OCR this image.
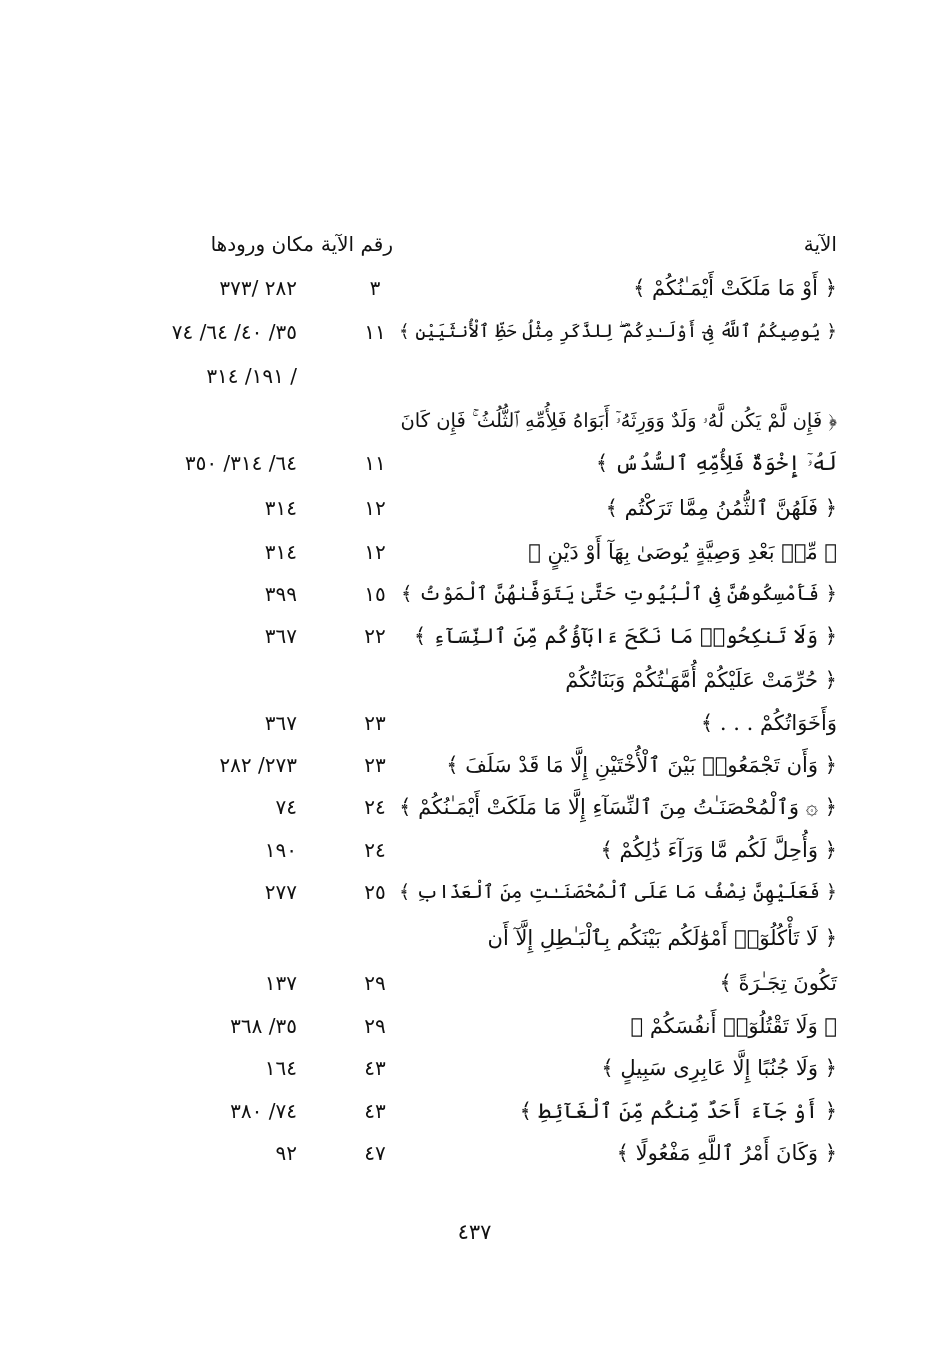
الآية
رقم الآية
مكان ورودها
﴿ أَوْ مَا مَلَكَتْ أَيْمَـٰنُكُمْ ﴾
٣
٢٨٢ /٣٧٣
﴿ يُوصِيكُمُ ٱللَّهُ فِىٓ أَوْلَـٰدِكُمْ ۖ لِلذَّكَرِ مِثْلُ حَظِّ ٱلْأُنثَيَيْنِ ﴾
١١
٣٥/ ٤٠/ ٦٤/ ٧٤
/ ١٩١/ ٣١٤
﴿ فَإِن لَّمْ يَكُن لَّهُۥ وَلَدٌ وَوَرِثَهُۥٓ أَبَوَاهُ فَلِأُمِّهِ ٱلثُّلُثُ ۚ فَإِن كَانَ
لَهُۥٓ إِخْوَةٌ فَلِأُمِّهِ ٱلسُّدُسُ ﴾
١١
٦٤/ ٣١٤/ ٣٥٠
﴿ فَلَهُنَّ ٱلثُّمُنُ مِمَّا تَرَكْتُم ﴾
١٢
٣١٤
﴿ مِّنۢ بَعْدِ وَصِيَّةٍ يُوصَىٰ بِهَآ أَوْ دَيْنٍ ﴾
١٢
٣١٤
﴿ فَأَمْسِكُوهُنَّ فِى ٱلْبُيُوتِ حَتَّىٰ يَتَوَفَّىٰهُنَّ ٱلْمَوْتُ ﴾
١٥
٣٩٩
﴿ وَلَا تَنكِحُوا۟ مَا نَكَحَ ءَابَآؤُكُم مِّنَ ٱلنِّسَآءِ ﴾
٢٢
٣٦٧
﴿ حُرِّمَتْ عَلَيْكُمْ أُمَّهَـٰتُكُمْ وَبَنَاتُكُمْ
وَأَخَوَاتُكُمْ . . . ﴾
٢٣
٣٦٧
﴿ وَأَن تَجْمَعُوا۟ بَيْنَ ٱلْأُخْتَيْنِ إِلَّا مَا قَدْ سَلَفَ ﴾
٢٣
٢٧٣/ ٢٨٢
﴿ ۞ وَٱلْمُحْصَنَـٰتُ مِنَ ٱلنِّسَآءِ إِلَّا مَا مَلَكَتْ أَيْمَـٰنُكُمْ ﴾
٢٤
٧٤
﴿ وَأُحِلَّ لَكُم مَّا وَرَآءَ ذَٰلِكُمْ ﴾
٢٤
١٩٠
﴿ فَعَلَيْهِنَّ نِصْفُ مَا عَلَى ٱلْمُحْصَنَـٰتِ مِنَ ٱلْعَذَابِ ﴾
٢٥
٢٧٧
﴿ لَا تَأْكُلُوٓا۟ أَمْوَٰلَكُم بَيْنَكُم بِٱلْبَـٰطِلِ إِلَّآ أَن
تَكُونَ تِجَـٰرَةً ﴾
٢٩
١٣٧
﴿ وَلَا تَقْتُلُوٓا۟ أَنفُسَكُمْ ﴾
٢٩
٣٥/ ٣٦٨
﴿ وَلَا جُنُبًا إِلَّا عَابِرِى سَبِيلٍ ﴾
٤٣
١٦٤
﴿ أَوْ جَآءَ أَحَدٌ مِّنكُم مِّنَ ٱلْغَآئِطِ ﴾
٤٣
٧٤/ ٣٨٠
﴿ وَكَانَ أَمْرُ ٱللَّهِ مَفْعُولًا ﴾
٤٧
٩٢
٤٣٧
